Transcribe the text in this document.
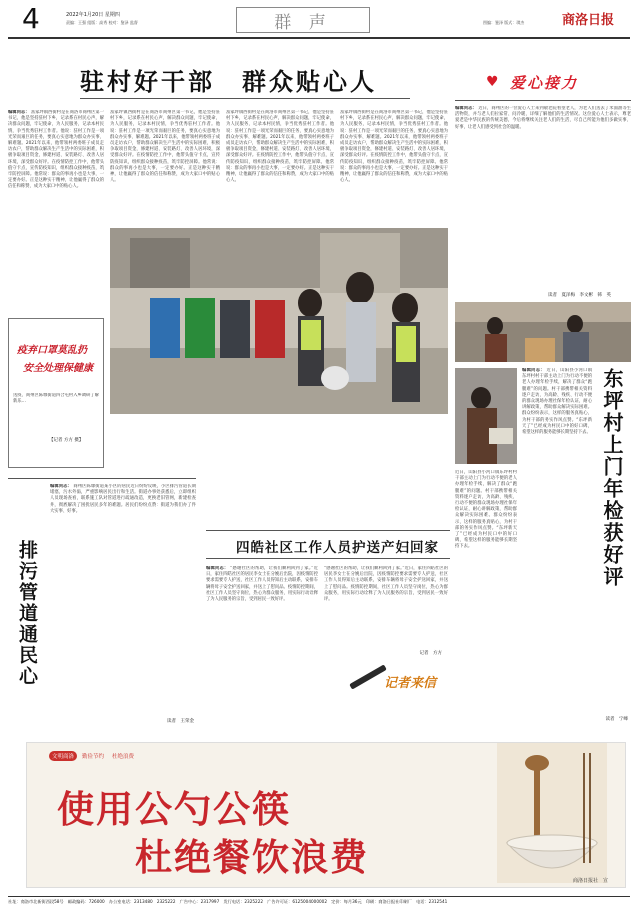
4	2022年1月20日 星期四
责编：王强 组版：高秀 校对：鉴泽 监督	群 声	图编：鉴泽 版式：琪杰	商洛日报
驻村好干部　群众贴心人	爱心接力
♥
编辑同志： 富家坪镇西街村是在商洛市商州区第一书记，他是坚持驻村下乡，记录系在村民心声，解决群众问题，牢记使命，为人民服务，记录本村民情，争当优秀驻村工作者。他说：驻村工作是一项光荣而艰巨的任务，要真心实意地为群众办实事、解难题。2021年以来，他带领村两委班子成员走访农户，帮助群众解决生产生活中的实际困难，积极争取项目资金，修建村道、安装路灯、改善人居环境，深受群众好评。在疫情防控工作中，他带头值守卡点，宣传防疫知识，组织群众接种疫苗，筑牢防控屏障。他常说：群众的事再小也是大事，一定要办好。正是这种实干精神，让他赢得了群众的信任和称赞，成为大家口中的贴心人。
富家坪镇西街村是在商洛市商州区第一书记，他是坚持驻村下乡，记录系在村民心声，解决群众问题，牢记使命，为人民服务，记录本村民情，争当优秀驻村工作者。他说：驻村工作是一项光荣而艰巨的任务，要真心实意地为群众办实事、解难题。2021年以来，他带领村两委班子成员走访农户，帮助群众解决生产生活中的实际困难，积极争取项目资金，修建村道、安装路灯、改善人居环境，深受群众好评。在疫情防控工作中，他带头值守卡点，宣传防疫知识，组织群众接种疫苗，筑牢防控屏障。他常说：群众的事再小也是大事，一定要办好。正是这种实干精神，让他赢得了群众的信任和称赞，成为大家口中的贴心人。
富家坪镇西街村是在商洛市商州区第一书记，他是坚持驻村下乡，记录系在村民心声，解决群众问题，牢记使命，为人民服务，记录本村民情，争当优秀驻村工作者。他说：驻村工作是一项光荣而艰巨的任务，要真心实意地为群众办实事、解难题。2021年以来，他带领村两委班子成员走访农户，帮助群众解决生产生活中的实际困难，积极争取项目资金，修建村道、安装路灯、改善人居环境，深受群众好评。在疫情防控工作中，他带头值守卡点，宣传防疫知识，组织群众接种疫苗，筑牢防控屏障。他常说：群众的事再小也是大事，一定要办好。正是这种实干精神，让他赢得了群众的信任和称赞，成为大家口中的贴心人。
富家坪镇西街村是在商洛市商州区第一书记，他是坚持驻村下乡，记录系在村民心声，解决群众问题，牢记使命，为人民服务，记录本村民情，争当优秀驻村工作者。他说：驻村工作是一项光荣而艰巨的任务，要真心实意地为群众办实事、解难题。2021年以来，他带领村两委班子成员走访农户，帮助群众解决生产生活中的实际困难，积极争取项目资金，修建村道、安装路灯、改善人居环境，深受群众好评。在疫情防控工作中，他带头值守卡点，宣传防疫知识，组织群众接种疫苗，筑牢防控屏障。他常说：群众的事再小也是大事，一定要办好。正是这种实干精神，让他赢得了群众的信任和称赞，成为大家口中的贴心人。
疫弃口罩莫乱扔
安全处理保健康
送疫、商州区陈塬街道四合屯村入乡调研了解新乐…
【记者 方方 摄】
编辑同志： 近日，商州区的一位爱心人士来到敬老院看望老人，为老人们送去了米面油等生活物资，并与老人们拉家常、问冷暖，详细了解他们的生活情况。这位爱心人士表示，尊老爱老是中华民族的传统美德，今后将继续关注老人们的生活，尽自己所能为他们多做实事、好事，让老人们感受到社会的温暖。
读者　夏泽梅　李文彬　韩　英
东坪村上门年检获好评
编辑同志： 近日，山阳县小河口镇东坪村村干部主动上门为行动不便的老人办理年检手续，解决了群众“跑腿难”的问题。村干部携带相关资料逐户走访，为高龄、残疾、行动不便的群众现场办理社保年检认证，耐心讲解政策，帮助群众解决实际困难。群众纷纷表示，这样的服务真贴心，为村干部的务实作风点赞。“东坪新天了”已经成为村民口中的好口碑，希望这样的服务能够长期坚持下去。
近日，山阳县小河口镇东坪村村干部主动上门为行动不便的老人办理年检手续，解决了群众“跑腿难”的问题。村干部携带相关资料逐户走访，为高龄、残疾、行动不便的群众现场办理社保年检认证，耐心讲解政策，帮助群众解决实际困难。群众纷纷表示，这样的服务真贴心，为村干部的务实作风点赞。“东坪新天了”已经成为村民口中的好口碑，希望这样的服务能够长期坚持下去。
读者　宁峰
排污管道通民心
编辑同志： 商州区陈塬街道某小区的居民近日纷纷反映，小区排污管道长期堵塞，污水外溢，严重影响居民出行和生活。街道办事处获悉后，立即组织人员现场查看，联系施工队对管道进行疏通改造，更换老旧管网，新建检查井，彻底解决了困扰居民多年的难题。居民们纷纷点赞：街道为我们办了件大实事、好事。
读者　王荣金
四皓社区工作人员护送产妇回家
编辑同志： “感谢社区的帮助，让我们顺利回到了家。”近日，家住四皓社区的居民李女士在分娩后出院，因疫情防控要求需要专人护送，社区工作人员得知后主动联系，安排车辆将母子安全护送回家，并送上了慰问品。疫情防控期间，社区工作人员坚守岗位，热心为群众服务，用实际行动诠释了为人民服务的宗旨，受到居民一致好评。
“感谢社区的帮助，让我们顺利回到了家。”近日，家住四皓社区的居民李女士在分娩后出院，因疫情防控要求需要专人护送，社区工作人员得知后主动联系，安排车辆将母子安全护送回家，并送上了慰问品。疫情防控期间，社区工作人员坚守岗位，热心为群众服务，用实际行动诠释了为人民服务的宗旨，受到居民一致好评。
记者　方方
记者来信
文明商洛	勤俭节约	杜绝浪费
使用公勺公筷
杜绝餐饮浪费
商洛日报社　宣
社址：商洛市北新街西段58号　邮政编码：726000　办公室电话：2313480　2325222　广告中心：2317997　发行电话：2325222　广告许可证：6125004000002　定价：每月36元　印刷：商洛日报社印刷厂　电话：2312541
